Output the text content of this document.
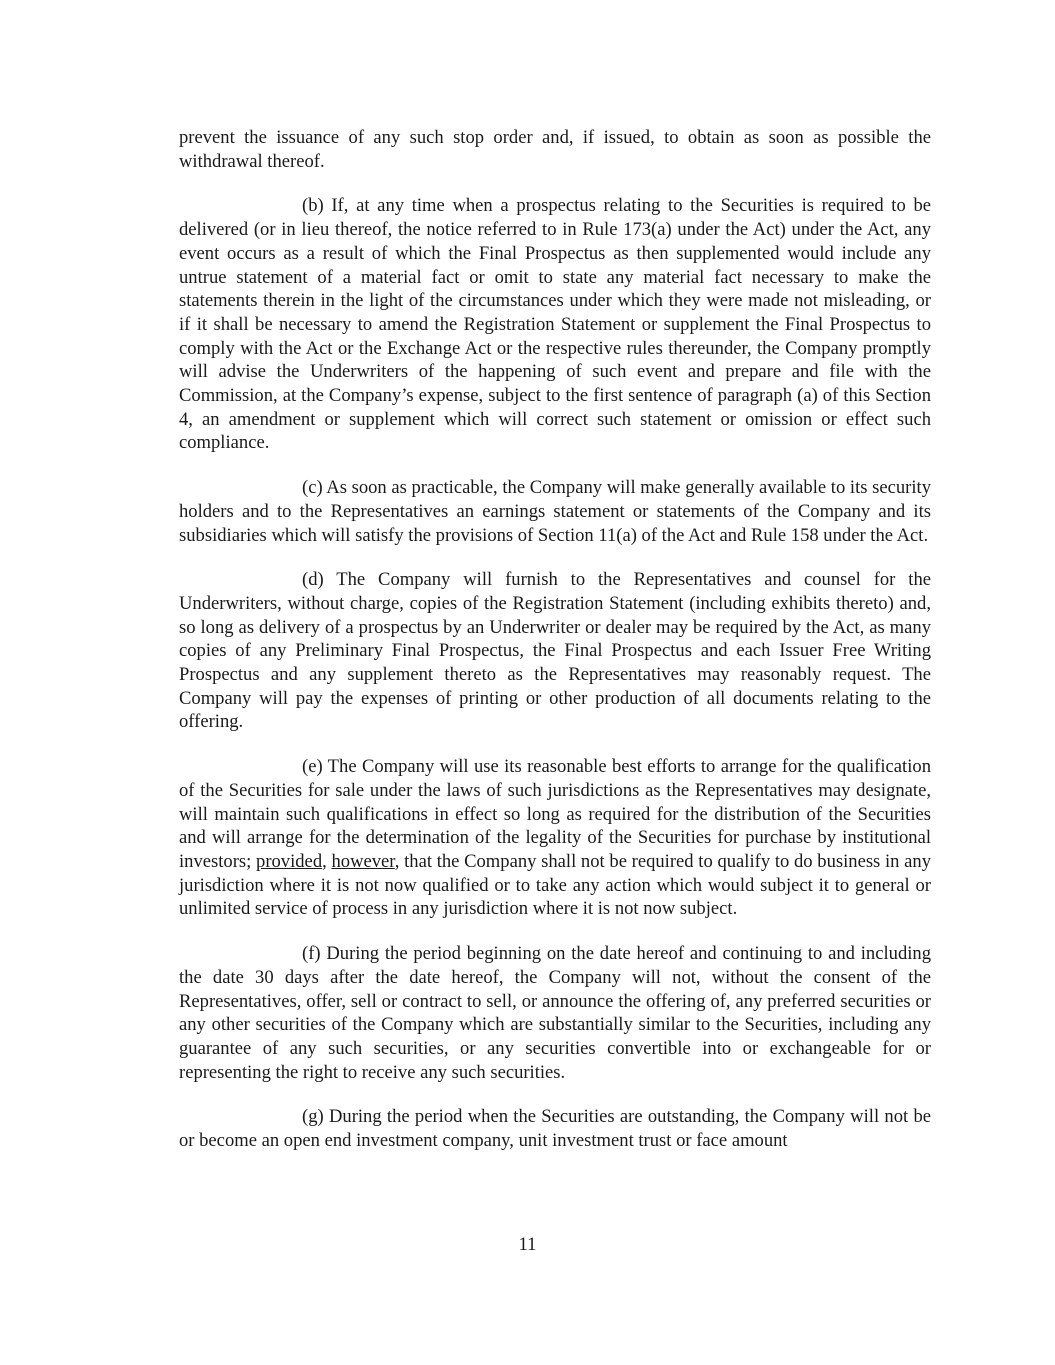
prevent the issuance of any such stop order and, if issued, to obtain as soon as possible the withdrawal thereof.

(b) If, at any time when a prospectus relating to the Securities is required to be delivered (or in lieu thereof, the notice referred to in Rule 173(a) under the Act) under the Act, any event occurs as a result of which the Final Prospectus as then supplemented would include any untrue statement of a material fact or omit to state any material fact necessary to make the statements therein in the light of the circumstances under which they were made not misleading, or if it shall be necessary to amend the Registration Statement or supplement the Final Prospectus to comply with the Act or the Exchange Act or the respective rules thereunder, the Company promptly will advise the Underwriters of the happening of such event and prepare and file with the Commission, at the Company’s expense, subject to the first sentence of paragraph (a) of this Section 4, an amendment or supplement which will correct such statement or omission or effect such compliance.

(c) As soon as practicable, the Company will make generally available to its security holders and to the Representatives an earnings statement or statements of the Company and its subsidiaries which will satisfy the provisions of Section 11(a) of the Act and Rule 158 under the Act.

(d) The Company will furnish to the Representatives and counsel for the Underwriters, without charge, copies of the Registration Statement (including exhibits thereto) and, so long as delivery of a prospectus by an Underwriter or dealer may be required by the Act, as many copies of any Preliminary Final Prospectus, the Final Prospectus and each Issuer Free Writing Prospectus and any supplement thereto as the Representatives may reasonably request. The Company will pay the expenses of printing or other production of all documents relating to the offering.

(e) The Company will use its reasonable best efforts to arrange for the qualification of the Securities for sale under the laws of such jurisdictions as the Representatives may designate, will maintain such qualifications in effect so long as required for the distribution of the Securities and will arrange for the determination of the legality of the Securities for purchase by institutional investors; provided, however, that the Company shall not be required to qualify to do business in any jurisdiction where it is not now qualified or to take any action which would subject it to general or unlimited service of process in any jurisdiction where it is not now subject.

(f) During the period beginning on the date hereof and continuing to and including the date 30 days after the date hereof, the Company will not, without the consent of the Representatives, offer, sell or contract to sell, or announce the offering of, any preferred securities or any other securities of the Company which are substantially similar to the Securities, including any guarantee of any such securities, or any securities convertible into or exchangeable for or representing the right to receive any such securities.

(g) During the period when the Securities are outstanding, the Company will not be or become an open end investment company, unit investment trust or face amount

11
